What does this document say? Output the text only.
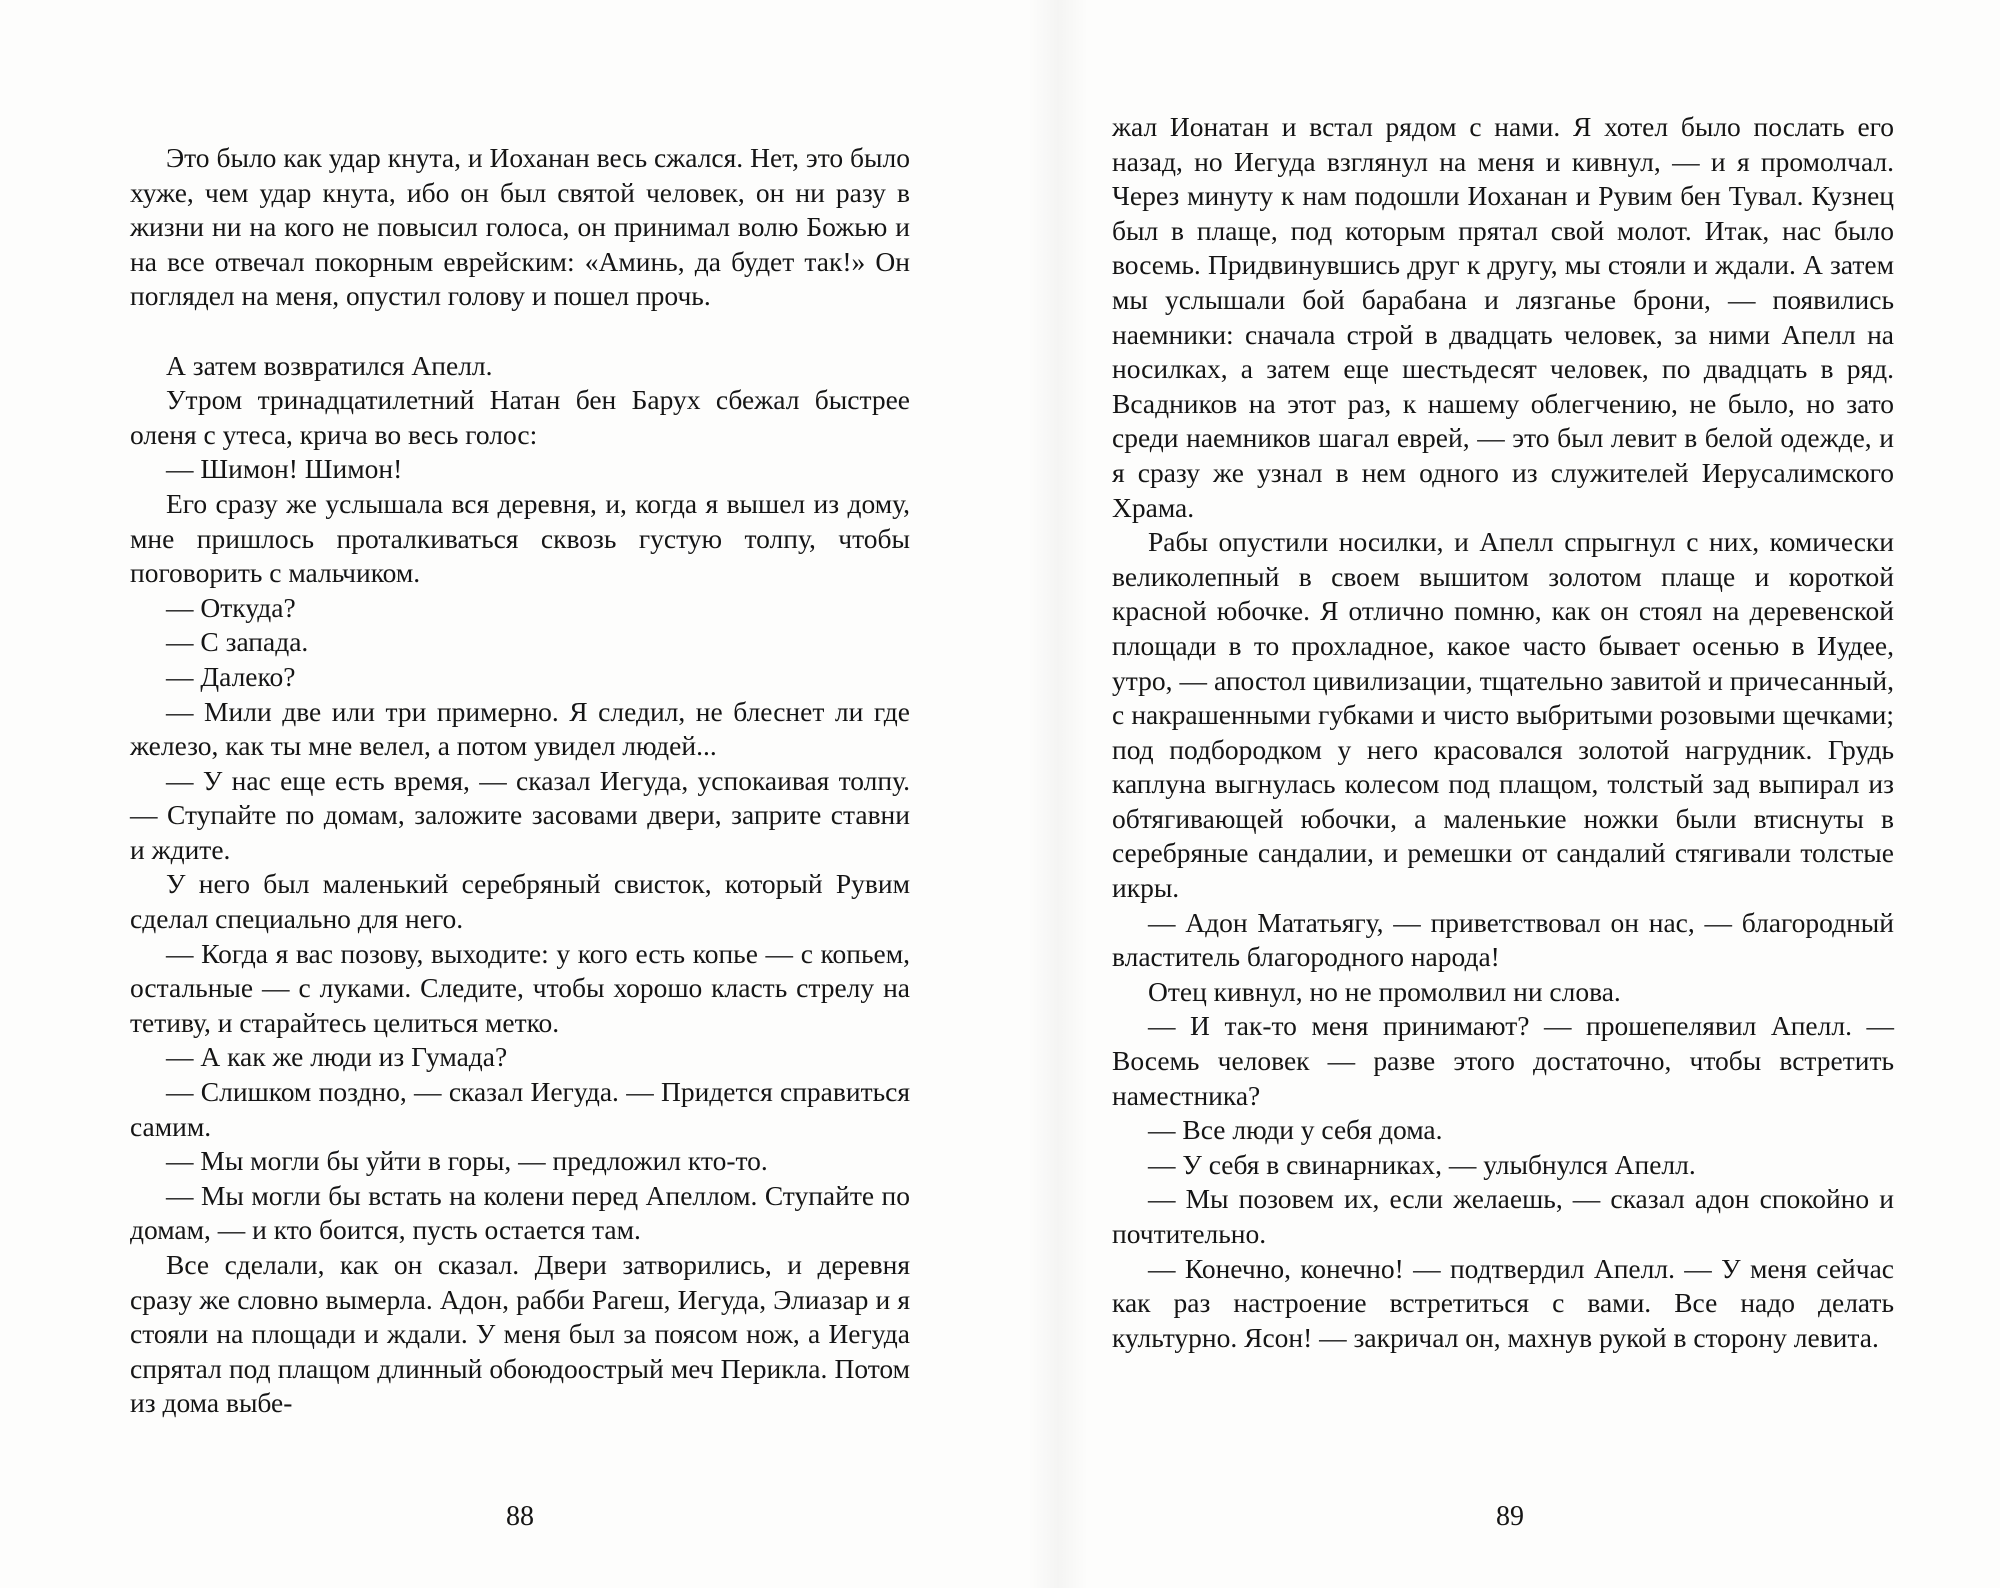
Это было как удар кнута, и Иоханан весь сжался. Нет, это было хуже, чем удар кнута, ибо он был святой человек, он ни разу в жизни ни на кого не повысил голоса, он принимал волю Божью и на все отвечал покорным еврейским: «Аминь, да будет так!» Он поглядел на меня, опустил голову и пошел прочь.

А затем возвратился Апелл.

Утром тринадцатилетний Натан бен Барух сбежал быстрее оленя с утеса, крича во весь голос:

— Шимон! Шимон!

Его сразу же услышала вся деревня, и, когда я вышел из дому, мне пришлось проталкиваться сквозь густую толпу, чтобы поговорить с мальчиком.

— Откуда?

— С запада.

— Далеко?

— Мили две или три примерно. Я следил, не блеснет ли где железо, как ты мне велел, а потом увидел людей...

— У нас еще есть время, — сказал Иегуда, успокаивая толпу. — Ступайте по домам, заложите засовами двери, заприте ставни и ждите.

У него был маленький серебряный свисток, который Рувим сделал специально для него.

— Когда я вас позову, выходите: у кого есть копье — с копьем, остальные — с луками. Следите, чтобы хорошо класть стрелу на тетиву, и старайтесь целиться метко.

— А как же люди из Гумада?

— Слишком поздно, — сказал Иегуда. — Придется справиться самим.

— Мы могли бы уйти в горы, — предложил кто-то.

— Мы могли бы встать на колени перед Апеллом. Ступайте по домам, — и кто боится, пусть остается там.

Все сделали, как он сказал. Двери затворились, и деревня сразу же словно вымерла. Адон, рабби Рагеш, Иегуда, Элиазар и я стояли на площади и ждали. У меня был за поясом нож, а Иегуда спрятал под плащом длинный обоюдоострый меч Перикла. Потом из дома выбе-

88

жал Ионатан и встал рядом с нами. Я хотел было послать его назад, но Иегуда взглянул на меня и кивнул, — и я промолчал. Через минуту к нам подошли Иоханан и Рувим бен Тувал. Кузнец был в плаще, под которым прятал свой молот. Итак, нас было восемь. Придвинувшись друг к другу, мы стояли и ждали. А затем мы услышали бой барабана и лязганье брони, — появились наемники: сначала строй в двадцать человек, за ними Апелл на носилках, а затем еще шестьдесят человек, по двадцать в ряд. Всадников на этот раз, к нашему облегчению, не было, но зато среди наемников шагал еврей, — это был левит в белой одежде, и я сразу же узнал в нем одного из служителей Иерусалимского Храма.

Рабы опустили носилки, и Апелл спрыгнул с них, комически великолепный в своем вышитом золотом плаще и короткой красной юбочке. Я отлично помню, как он стоял на деревенской площади в то прохладное, какое часто бывает осенью в Иудее, утро, — апостол цивилизации, тщательно завитой и причесанный, с накрашенными губками и чисто выбритыми розовыми щечками; под подбородком у него красовался золотой нагрудник. Грудь каплуна выгнулась колесом под плащом, толстый зад выпирал из обтягивающей юбочки, а маленькие ножки были втиснуты в серебряные сандалии, и ремешки от сандалий стягивали толстые икры.

— Адон Мататьягу, — приветствовал он нас, — благородный властитель благородного народа!

Отец кивнул, но не промолвил ни слова.

— И так-то меня принимают? — прошепелявил Апелл. — Восемь человек — разве этого достаточно, чтобы встретить наместника?

— Все люди у себя дома.

— У себя в свинарниках, — улыбнулся Апелл.

— Мы позовем их, если желаешь, — сказал адон спокойно и почтительно.

— Конечно, конечно! — подтвердил Апелл. — У меня сейчас как раз настроение встретиться с вами. Все надо делать культурно. Ясон! — закричал он, махнув рукой в сторону левита.

89
